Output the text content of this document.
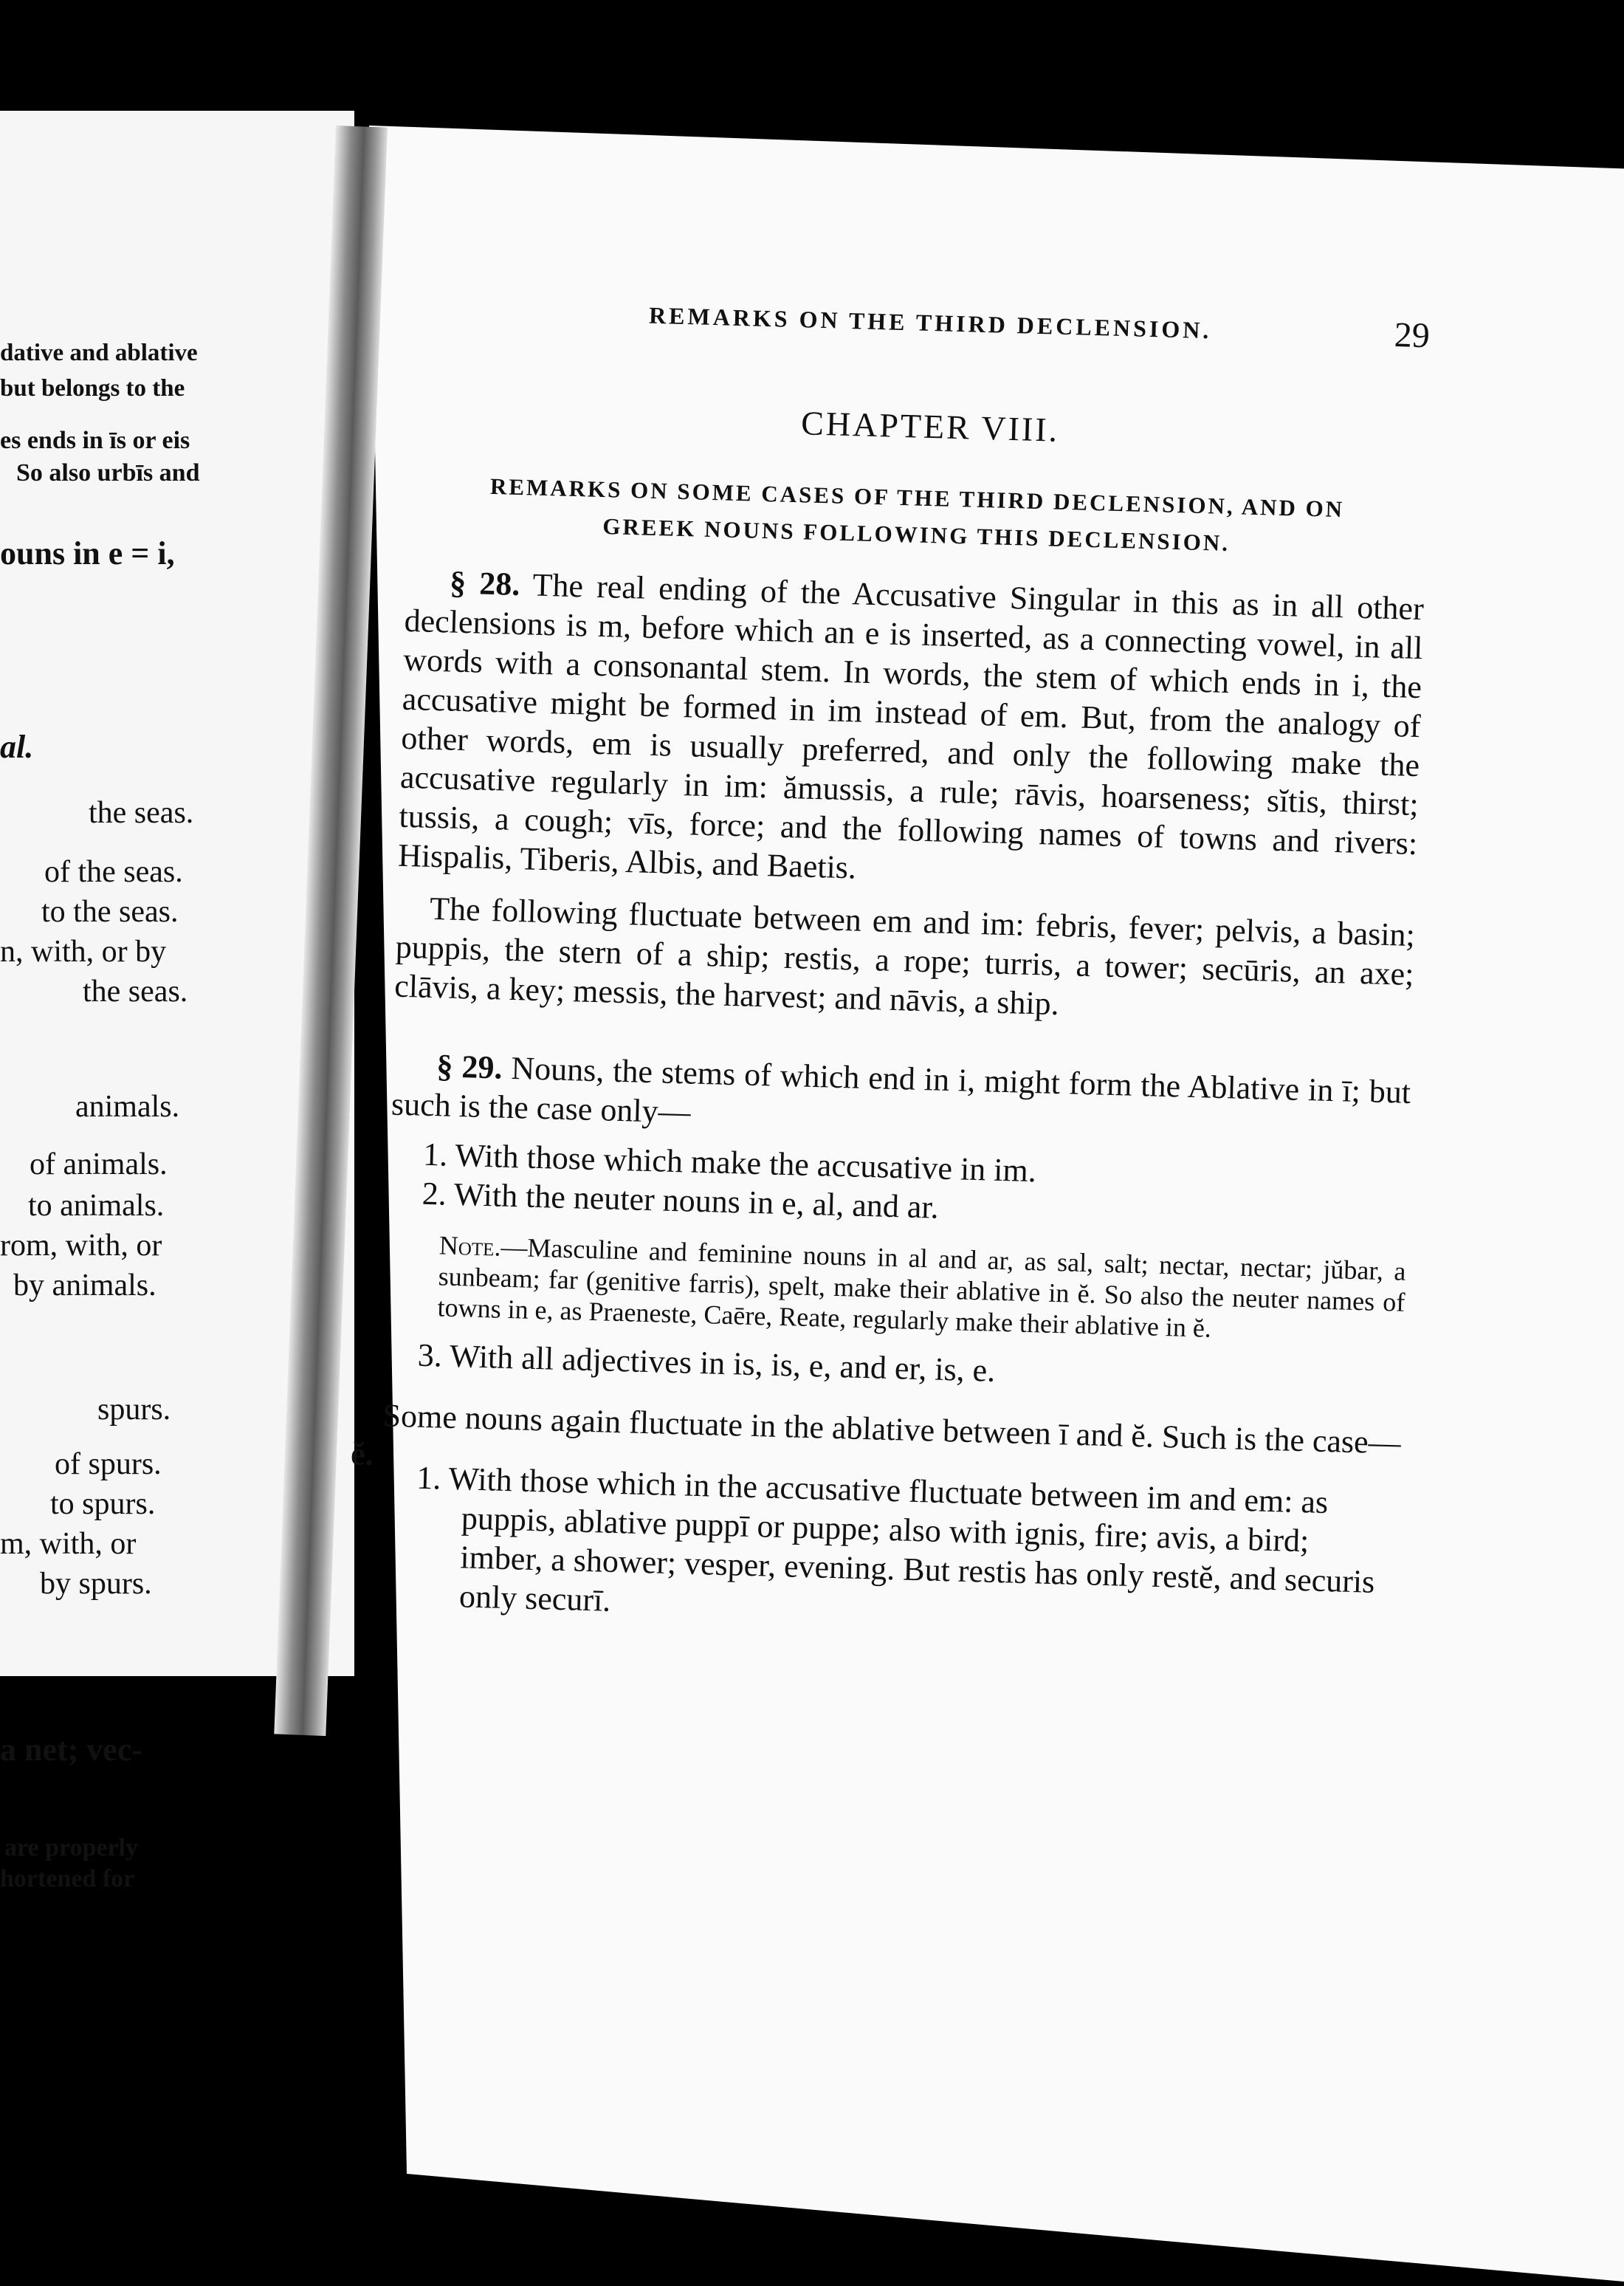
dative and ablative
but belongs to the
es ends in īs or eis
So also urbīs and
ouns in e = i,
al.
the seas.
of the seas.
to the seas.
n, with, or by
the seas.
animals.
of animals.
to animals.
rom, with, or
by animals.
spurs.
of spurs.
to spurs.
m, with, or
by spurs.
a net; vec-
are properly
hortened for
REMARKS ON THE THIRD DECLENSION.	29
CHAPTER VIII.
REMARKS ON SOME CASES OF THE THIRD DECLENSION, AND ON
GREEK NOUNS FOLLOWING THIS DECLENSION.
§ 28. The real ending of the Accusative Singular in this as in all other declensions is m, before which an e is inserted, as a connecting vowel, in all words with a consonantal stem. In words, the stem of which ends in i, the accusative might be formed in im instead of em. But, from the analogy of other words, em is usually preferred, and only the following make the accusative regularly in im: ămussis, a rule; rāvis, hoarseness; sĭtis, thirst; tussis, a cough; vīs, force; and the following names of towns and rivers: Hispalis, Tiberis, Albis, and Baetis.
The following fluctuate between em and im: febris, fever; pelvis, a basin; puppis, the stern of a ship; restis, a rope; turris, a tower; secūris, an axe; clāvis, a key; messis, the harvest; and nāvis, a ship.
§ 29. Nouns, the stems of which end in i, might form the Ablative in ī; but such is the case only—
1. With those which make the accusative in im.
2. With the neuter nouns in e, al, and ar.
Note.—Masculine and feminine nouns in al and ar, as sal, salt; nectar, nectar; jŭbar, a sunbeam; far (genitive farris), spelt, make their ablative in ĕ. So also the neuter names of towns in e, as Praeneste, Caēre, Reate, regularly make their ablative in ĕ.
3. With all adjectives in is, is, e, and er, is, e.
ĕ. Some nouns again fluctuate in the ablative between ī and ĕ. Such is the case—
1. With those which in the accusative fluctuate between im and em: as puppis, ablative puppī or puppe; also with ignis, fire; avis, a bird; imber, a shower; vesper, evening. But restis has only restĕ, and securis only securī.
